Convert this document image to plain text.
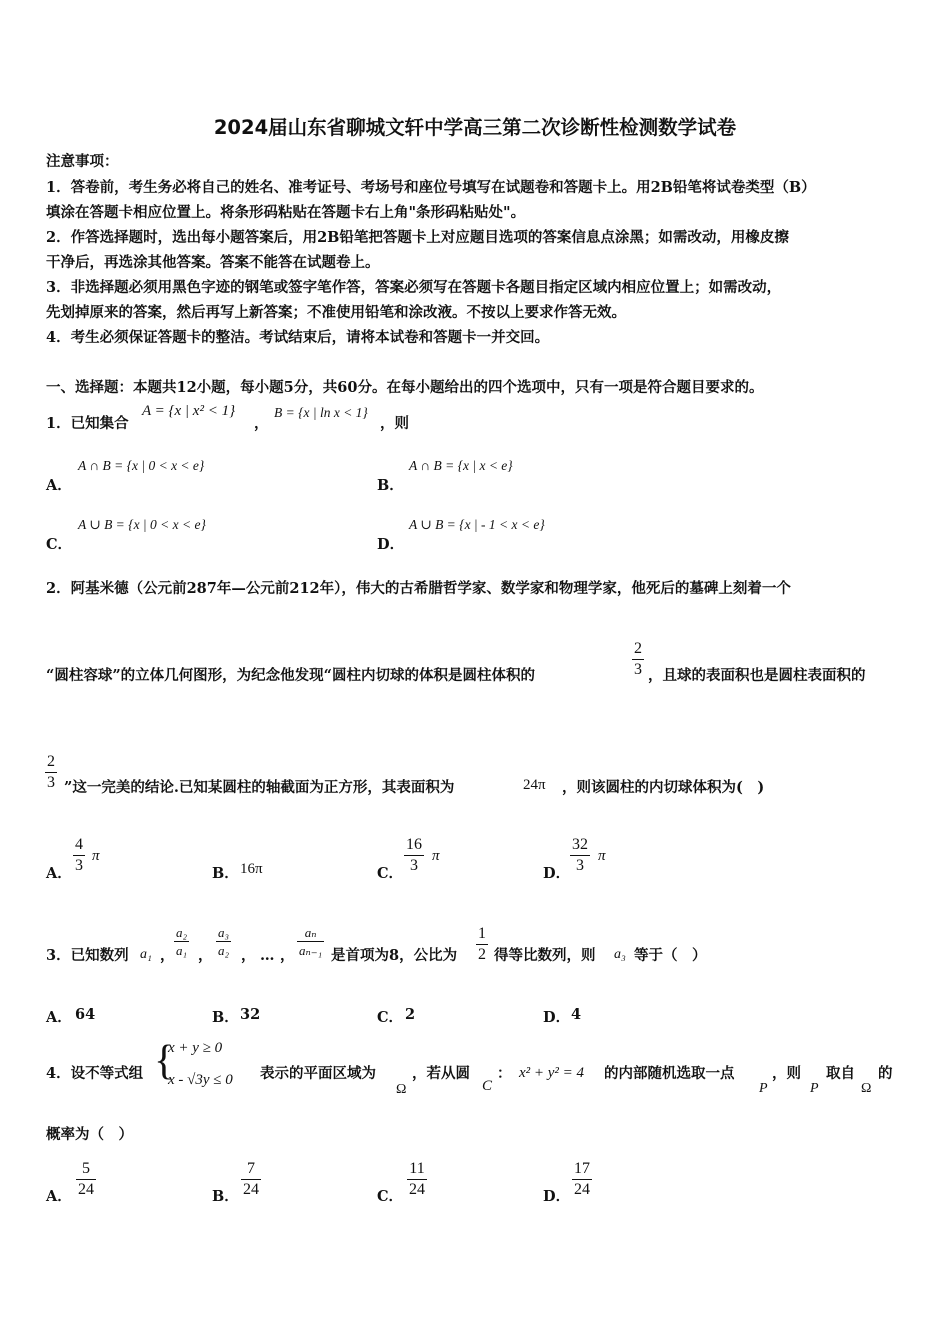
2024届山东省聊城文轩中学高三第二次诊断性检测数学试卷
注意事项：
1．答卷前，考生务必将自己的姓名、准考证号、考场号和座位号填写在试题卷和答题卡上。用2B铅笔将试卷类型（B）
填涂在答题卡相应位置上。将条形码粘贴在答题卡右上角"条形码粘贴处"。
2．作答选择题时，选出每小题答案后，用2B铅笔把答题卡上对应题目选项的答案信息点涂黑；如需改动，用橡皮擦
干净后，再选涂其他答案。答案不能答在试题卷上。
3．非选择题必须用黑色字迹的钢笔或签字笔作答，答案必须写在答题卡各题目指定区域内相应位置上；如需改动，
先划掉原来的答案，然后再写上新答案；不准使用铅笔和涂改液。不按以上要求作答无效。
4．考生必须保证答题卡的整洁。考试结束后，请将本试卷和答题卡一并交回。
一、选择题：本题共12小题，每小题5分，共60分。在每小题给出的四个选项中，只有一项是符合题目要求的。
1．已知集合
A = {x | x² < 1}
，
B = {x | ln x < 1}
，则
A．
A ∩ B = {x | 0 < x < e}
B．
A ∩ B = {x | x < e}
C．
A ∪ B = {x | 0 < x < e}
D．
A ∪ B = {x | - 1 < x < e}
2．阿基米德（公元前287年—公元前212年），伟大的古希腊哲学家、数学家和物理学家，他死后的墓碑上刻着一个
“圆柱容球”的立体几何图形，为纪念他发现“圆柱内切球的体积是圆柱体积的
2
3 ，且球的表面积也是圆柱表面积的
2
3 ”这一完美的结论.已知某圆柱的轴截面为正方形，其表面积为	24π ，则该圆柱的内切球体积为(　)
A．
4
3
π
B． 16π	C．
16
3
π
D．
32
3
π
3．已知数列 a₁ ，
a₂
a₁ ，
a₃
a₂ ， … ，
aₙ
aₙ₋₁ 是首项为8，公比为
1
2 得等比数列，则 a₃ 等于（　）
A． 64	B． 32	C． 2	D． 4
4．设不等式组 {
x + y ≥ 0
x - √3y ≤ 0 表示的平面区域为
Ω
，若从圆
C
： x² + y² = 4 的内部随机选取一点
P
，则
P
取自
Ω
的
概率为（　）
A．
5
24	B．
7
24	C．
11
24	D．
17
24
